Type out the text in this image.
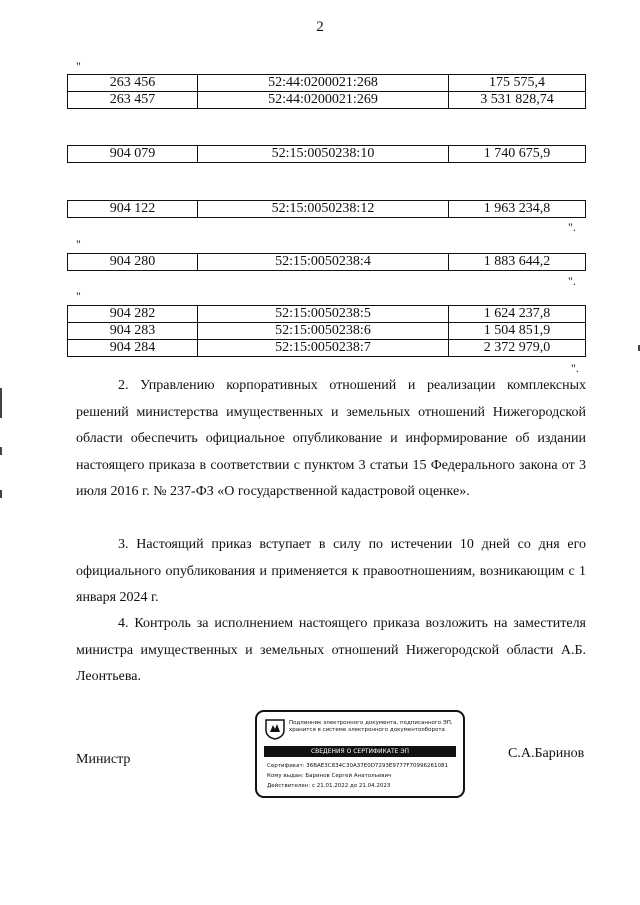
2
"
263 456	52:44:0200021:268	175 575,4
263 457	52:44:0200021:269	3 531 828,74
904 079	52:15:0050238:10	1 740 675,9
904 122	52:15:0050238:12	1 963 234,8
".
"
904 280	52:15:0050238:4	1 883 644,2
".
"
904 282	52:15:0050238:5	1 624 237,8
904 283	52:15:0050238:6	1 504 851,9
904 284	52:15:0050238:7	2 372 979,0
".

2. Управлению корпоративных отношений и реализации комплексных решений министерства имущественных и земельных отношений Нижегородской области обеспечить официальное опубликование и информирование об издании настоящего приказа в соответствии с пунктом 3 статьи 15 Федерального закона от 3 июля 2016 г. № 237-ФЗ «О государственной кадастровой оценке».

3. Настоящий приказ вступает в силу по истечении 10 дней со дня его официального опубликования и применяется к правоотношениям, возникающим с 1 января 2024 г.

4. Контроль за исполнением настоящего приказа возложить на заместителя министра имущественных и земельных отношений Нижегородской области А.Б. Леонтьева.

Министр	С.А.Баринов
Подлинник электронного документа, подписанного ЭП, хранится в системе электронного документооборота
СВЕДЕНИЯ О СЕРТИФИКАТЕ ЭП
Сертификат: 36BAE3C834C30A37E0D7293E9777F70996261081
Кому выдан: Баринов Сергей Анатольевич
Действителен: с 21.01.2022 до 21.04.2023
